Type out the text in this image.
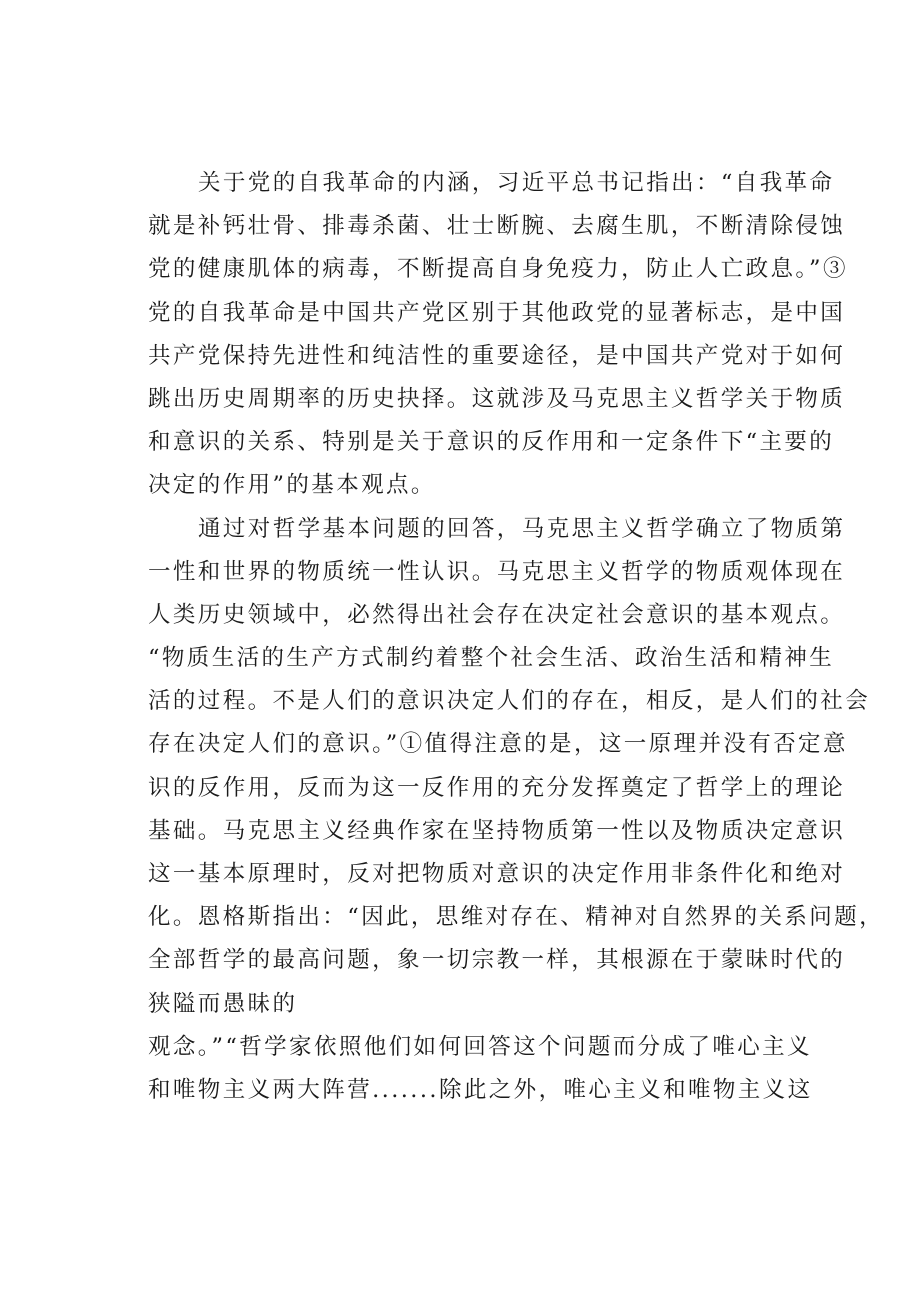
关于党的自我革命的内涵，习近平总书记指出：“自我革命
就是补钙壮骨、排毒杀菌、壮士断腕、去腐生肌，不断清除侵蚀
党的健康肌体的病毒，不断提高自身免疫力，防止人亡政息。”③
党的自我革命是中国共产党区别于其他政党的显著标志，是中国
共产党保持先进性和纯洁性的重要途径，是中国共产党对于如何
跳出历史周期率的历史抉择。这就涉及马克思主义哲学关于物质
和意识的关系、特别是关于意识的反作用和一定条件下“主要的
决定的作用”的基本观点。
通过对哲学基本问题的回答，马克思主义哲学确立了物质第
一性和世界的物质统一性认识。马克思主义哲学的物质观体现在
人类历史领域中，必然得出社会存在决定社会意识的基本观点。
“物质生活的生产方式制约着整个社会生活、政治生活和精神生
活的过程。不是人们的意识决定人们的存在，相反，是人们的社会
存在决定人们的意识。”①值得注意的是，这一原理并没有否定意
识的反作用，反而为这一反作用的充分发挥奠定了哲学上的理论
基础。马克思主义经典作家在坚持物质第一性以及物质决定意识
这一基本原理时，反对把物质对意识的决定作用非条件化和绝对
化。恩格斯指出：“因此，思维对存在、精神对自然界的关系问题，
全部哲学的最高问题，象一切宗教一样，其根源在于蒙昧时代的
狭隘而愚昧的
观念。”“哲学家依照他们如何回答这个问题而分成了唯心主义
和唯物主义两大阵营.......除此之外，唯心主义和唯物主义这
